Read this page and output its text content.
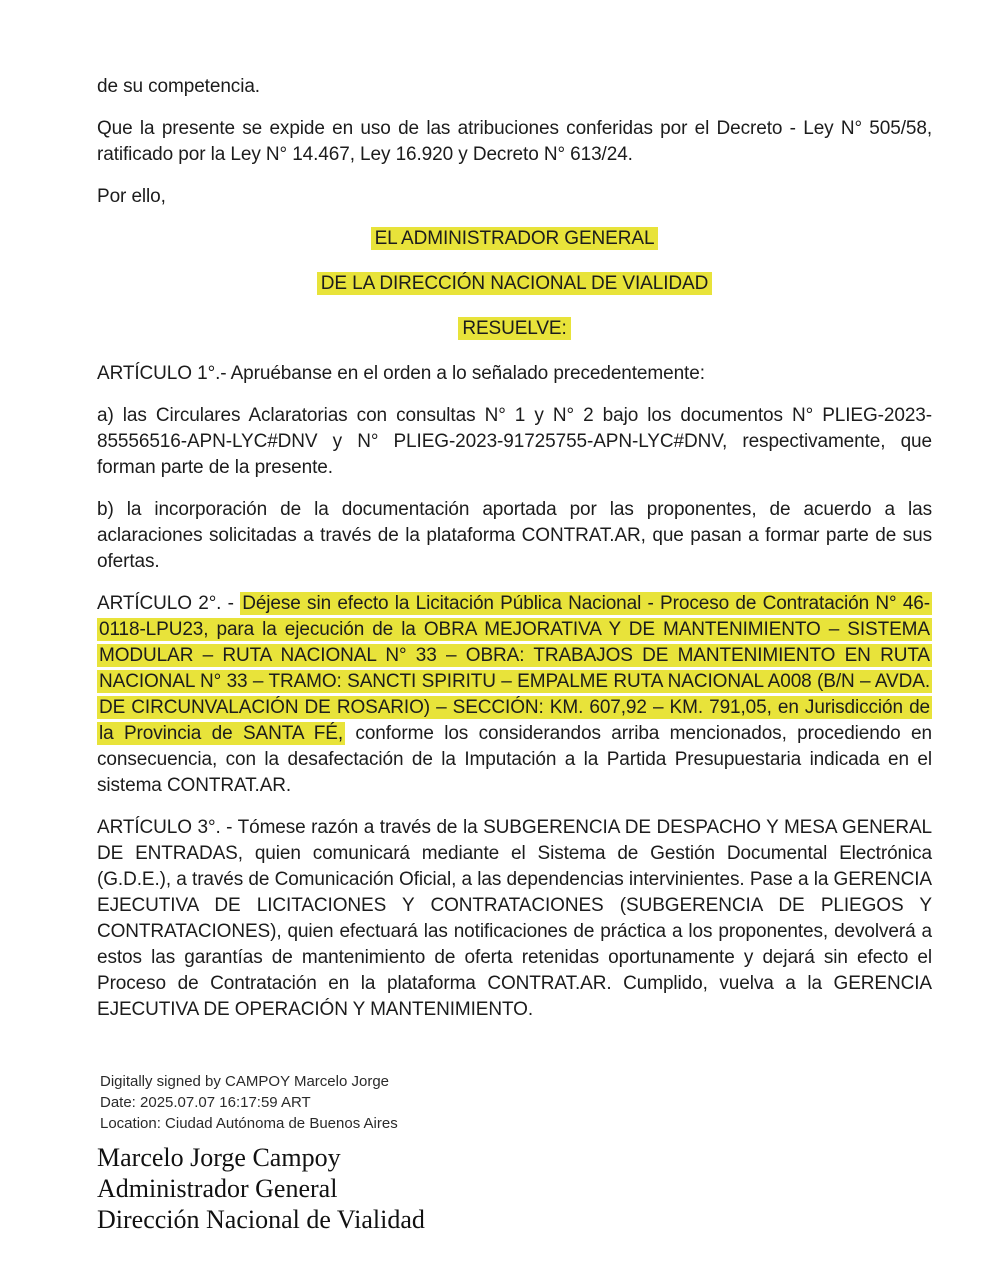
de su competencia.

Que la presente se expide en uso de las atribuciones conferidas por el Decreto - Ley N° 505/58, ratificado por la Ley N° 14.467, Ley 16.920 y Decreto N° 613/24.

Por ello,

EL ADMINISTRADOR GENERAL

DE LA DIRECCIÓN NACIONAL DE VIALIDAD

RESUELVE:

ARTÍCULO 1°.- Apruébanse en el orden a lo señalado precedentemente:

a) las Circulares Aclaratorias con consultas N° 1 y N° 2 bajo los documentos N° PLIEG-2023-85556516-APN-LYC#DNV y N° PLIEG-2023-91725755-APN-LYC#DNV, respectivamente, que forman parte de la presente.

b) la incorporación de la documentación aportada por las proponentes, de acuerdo a las aclaraciones solicitadas a través de la plataforma CONTRAT.AR, que pasan a formar parte de sus ofertas.

ARTÍCULO 2°. - Déjese sin efecto la Licitación Pública Nacional - Proceso de Contratación N° 46-0118-LPU23, para la ejecución de la OBRA MEJORATIVA Y DE MANTENIMIENTO – SISTEMA MODULAR – RUTA NACIONAL N° 33 – OBRA: TRABAJOS DE MANTENIMIENTO EN RUTA NACIONAL N° 33 – TRAMO: SANCTI SPIRITU – EMPALME RUTA NACIONAL A008 (B/N – AVDA. DE CIRCUNVALACIÓN DE ROSARIO) – SECCIÓN: KM. 607,92 – KM. 791,05, en Jurisdicción de la Provincia de SANTA FÉ, conforme los considerandos arriba mencionados, procediendo en consecuencia, con la desafectación de la Imputación a la Partida Presupuestaria indicada en el sistema CONTRAT.AR.

ARTÍCULO 3°. - Tómese razón a través de la SUBGERENCIA DE DESPACHO Y MESA GENERAL DE ENTRADAS, quien comunicará mediante el Sistema de Gestión Documental Electrónica (G.D.E.), a través de Comunicación Oficial, a las dependencias intervinientes. Pase a la GERENCIA EJECUTIVA DE LICITACIONES Y CONTRATACIONES (SUBGERENCIA DE PLIEGOS Y CONTRATACIONES), quien efectuará las notificaciones de práctica a los proponentes, devolverá a estos las garantías de mantenimiento de oferta retenidas oportunamente y dejará sin efecto el Proceso de Contratación en la plataforma CONTRAT.AR. Cumplido, vuelva a la GERENCIA EJECUTIVA DE OPERACIÓN Y MANTENIMIENTO.

Digitally signed by CAMPOY Marcelo Jorge
Date: 2025.07.07 16:17:59 ART
Location: Ciudad Autónoma de Buenos Aires
Marcelo Jorge Campoy
Administrador General
Dirección Nacional de Vialidad
